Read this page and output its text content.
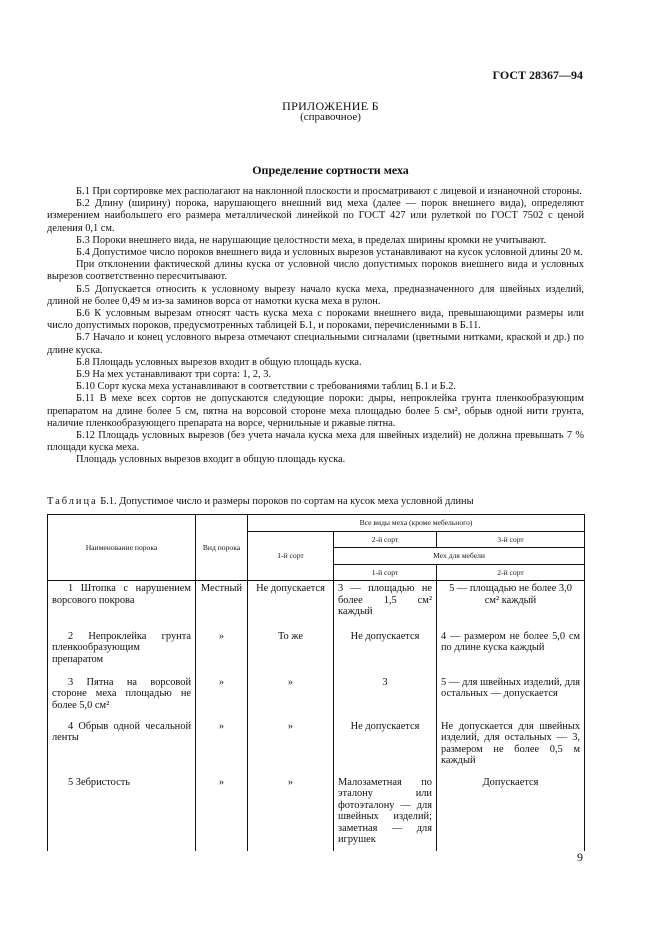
ГОСТ 28367—94
ПРИЛОЖЕНИЕ Б
(справочное)
Определение сортности меха

Б.1 При сортировке мех располагают на наклонной плоскости и просматривают с лицевой и изнаночной стороны.

Б.2 Длину (ширину) порока, нарушающего внешний вид меха (далее — порок внешнего вида), определяют измерением наибольшего его размера металлической линейкой по ГОСТ 427 или рулеткой по ГОСТ 7502 с ценой деления 0,1 см.

Б.3 Пороки внешнего вида, не нарушающие целостности меха, в пределах ширины кромки не учитывают.

Б.4 Допустимое число пороков внешнего вида и условных вырезов устанавливают на кусок условной длины 20 м.

При отклонении фактической длины куска от условной число допустимых пороков внешнего вида и условных вырезов соответственно пересчитывают.

Б.5 Допускается относить к условному вырезу начало куска меха, предназначенного для швейных изделий, длиной не более 0,49 м из-за заминов ворса от намотки куска меха в рулон.

Б.6 К условным вырезам относят часть куска меха с пороками внешнего вида, превышающими размеры или число допустимых пороков, предусмотренных таблицей Б.1, и пороками, перечисленными в Б.11.

Б.7 Начало и конец условного выреза отмечают специальными сигналами (цветными нитками, краской и др.) по длине куска.

Б.8 Площадь условных вырезов входит в общую площадь куска.

Б.9 На мех устанавливают три сорта: 1, 2, 3.

Б.10 Сорт куска меха устанавливают в соответствии с требованиями таблиц Б.1 и Б.2.

Б.11 В мехе всех сортов не допускаются следующие пороки: дыры, непроклейка грунта пленкообразующим препаратом на длине более 5 см, пятна на ворсовой стороне меха площадью более 5 см², обрыв одной нити грунта, наличие пленкообразующего препарата на ворсе, чернильные и ржавые пятна.

Б.12 Площадь условных вырезов (без учета начала куска меха для швейных изделий) не должна превышать 7 % площади куска меха.

Площадь условных вырезов входит в общую площадь куска.

Таблица Б.1. Допустимое число и размеры пороков по сортам на кусок меха условной длины
Наименование порока	Вид порока	Все виды меха (кроме мебельного)		
		1-й сорт	2-й сорт	3-й сорт
			Мех для мебели	
			1-й сорт	2-й сорт
1 Штопка с нарушением ворсового покрова	Местный	Не допускается	3 — площадью не более 1,5 см² каждый	5 — площадью не более 3,0 см² каждый
2 Непроклейка грунта пленкообразующим препаратом	»	То же	Не допускается	4 — размером не более 5,0 см по длине куска каждый
3 Пятна на ворсовой стороне меха площадью не более 5,0 см²	»	»	3	5 — для швейных изделий, для остальных — допускается
4 Обрыв одной чесальной ленты	»	»	Не допускается	Не допускается для швейных изделий, для остальных — 3, размером не более 0,5 м каждый
5 Зебристость	»	»	Малозаметная по эталону или фотоэталону — для швейных изделий; заметная — для игрушек	Допускается
9
